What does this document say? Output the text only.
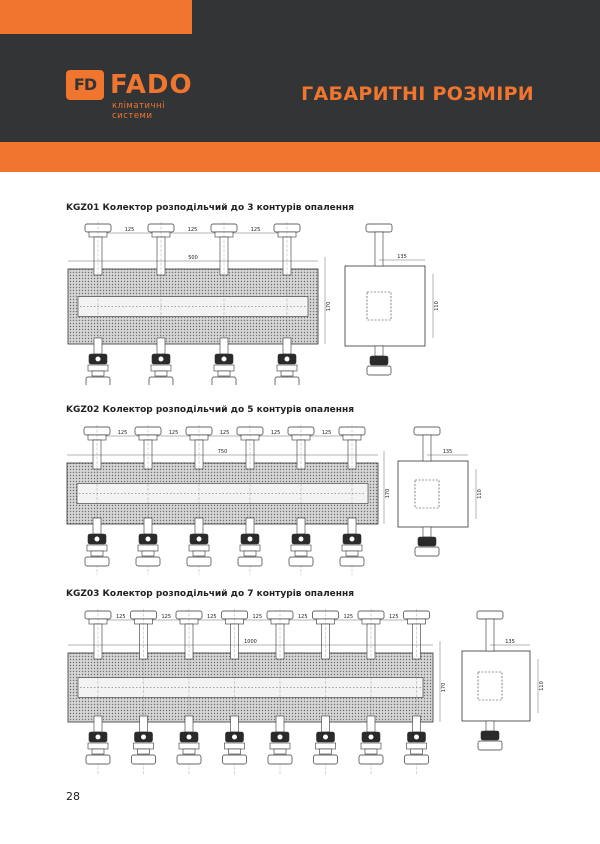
FD FADO
кліматичні системи
ГАБАРИТНІ РОЗМІРИ
KGZ01 Колектор розподільчий до 3 контурів опалення
KGZ02 Колектор розподільчий до 5 контурів опалення
KGZ03 Колектор розподільчий до 7 контурів опалення
125	125	125
500
170
135
110
125	125	125	125	125
750
170
135
110
125	125	125	125	125	125	125
1000
170
135
110
28
